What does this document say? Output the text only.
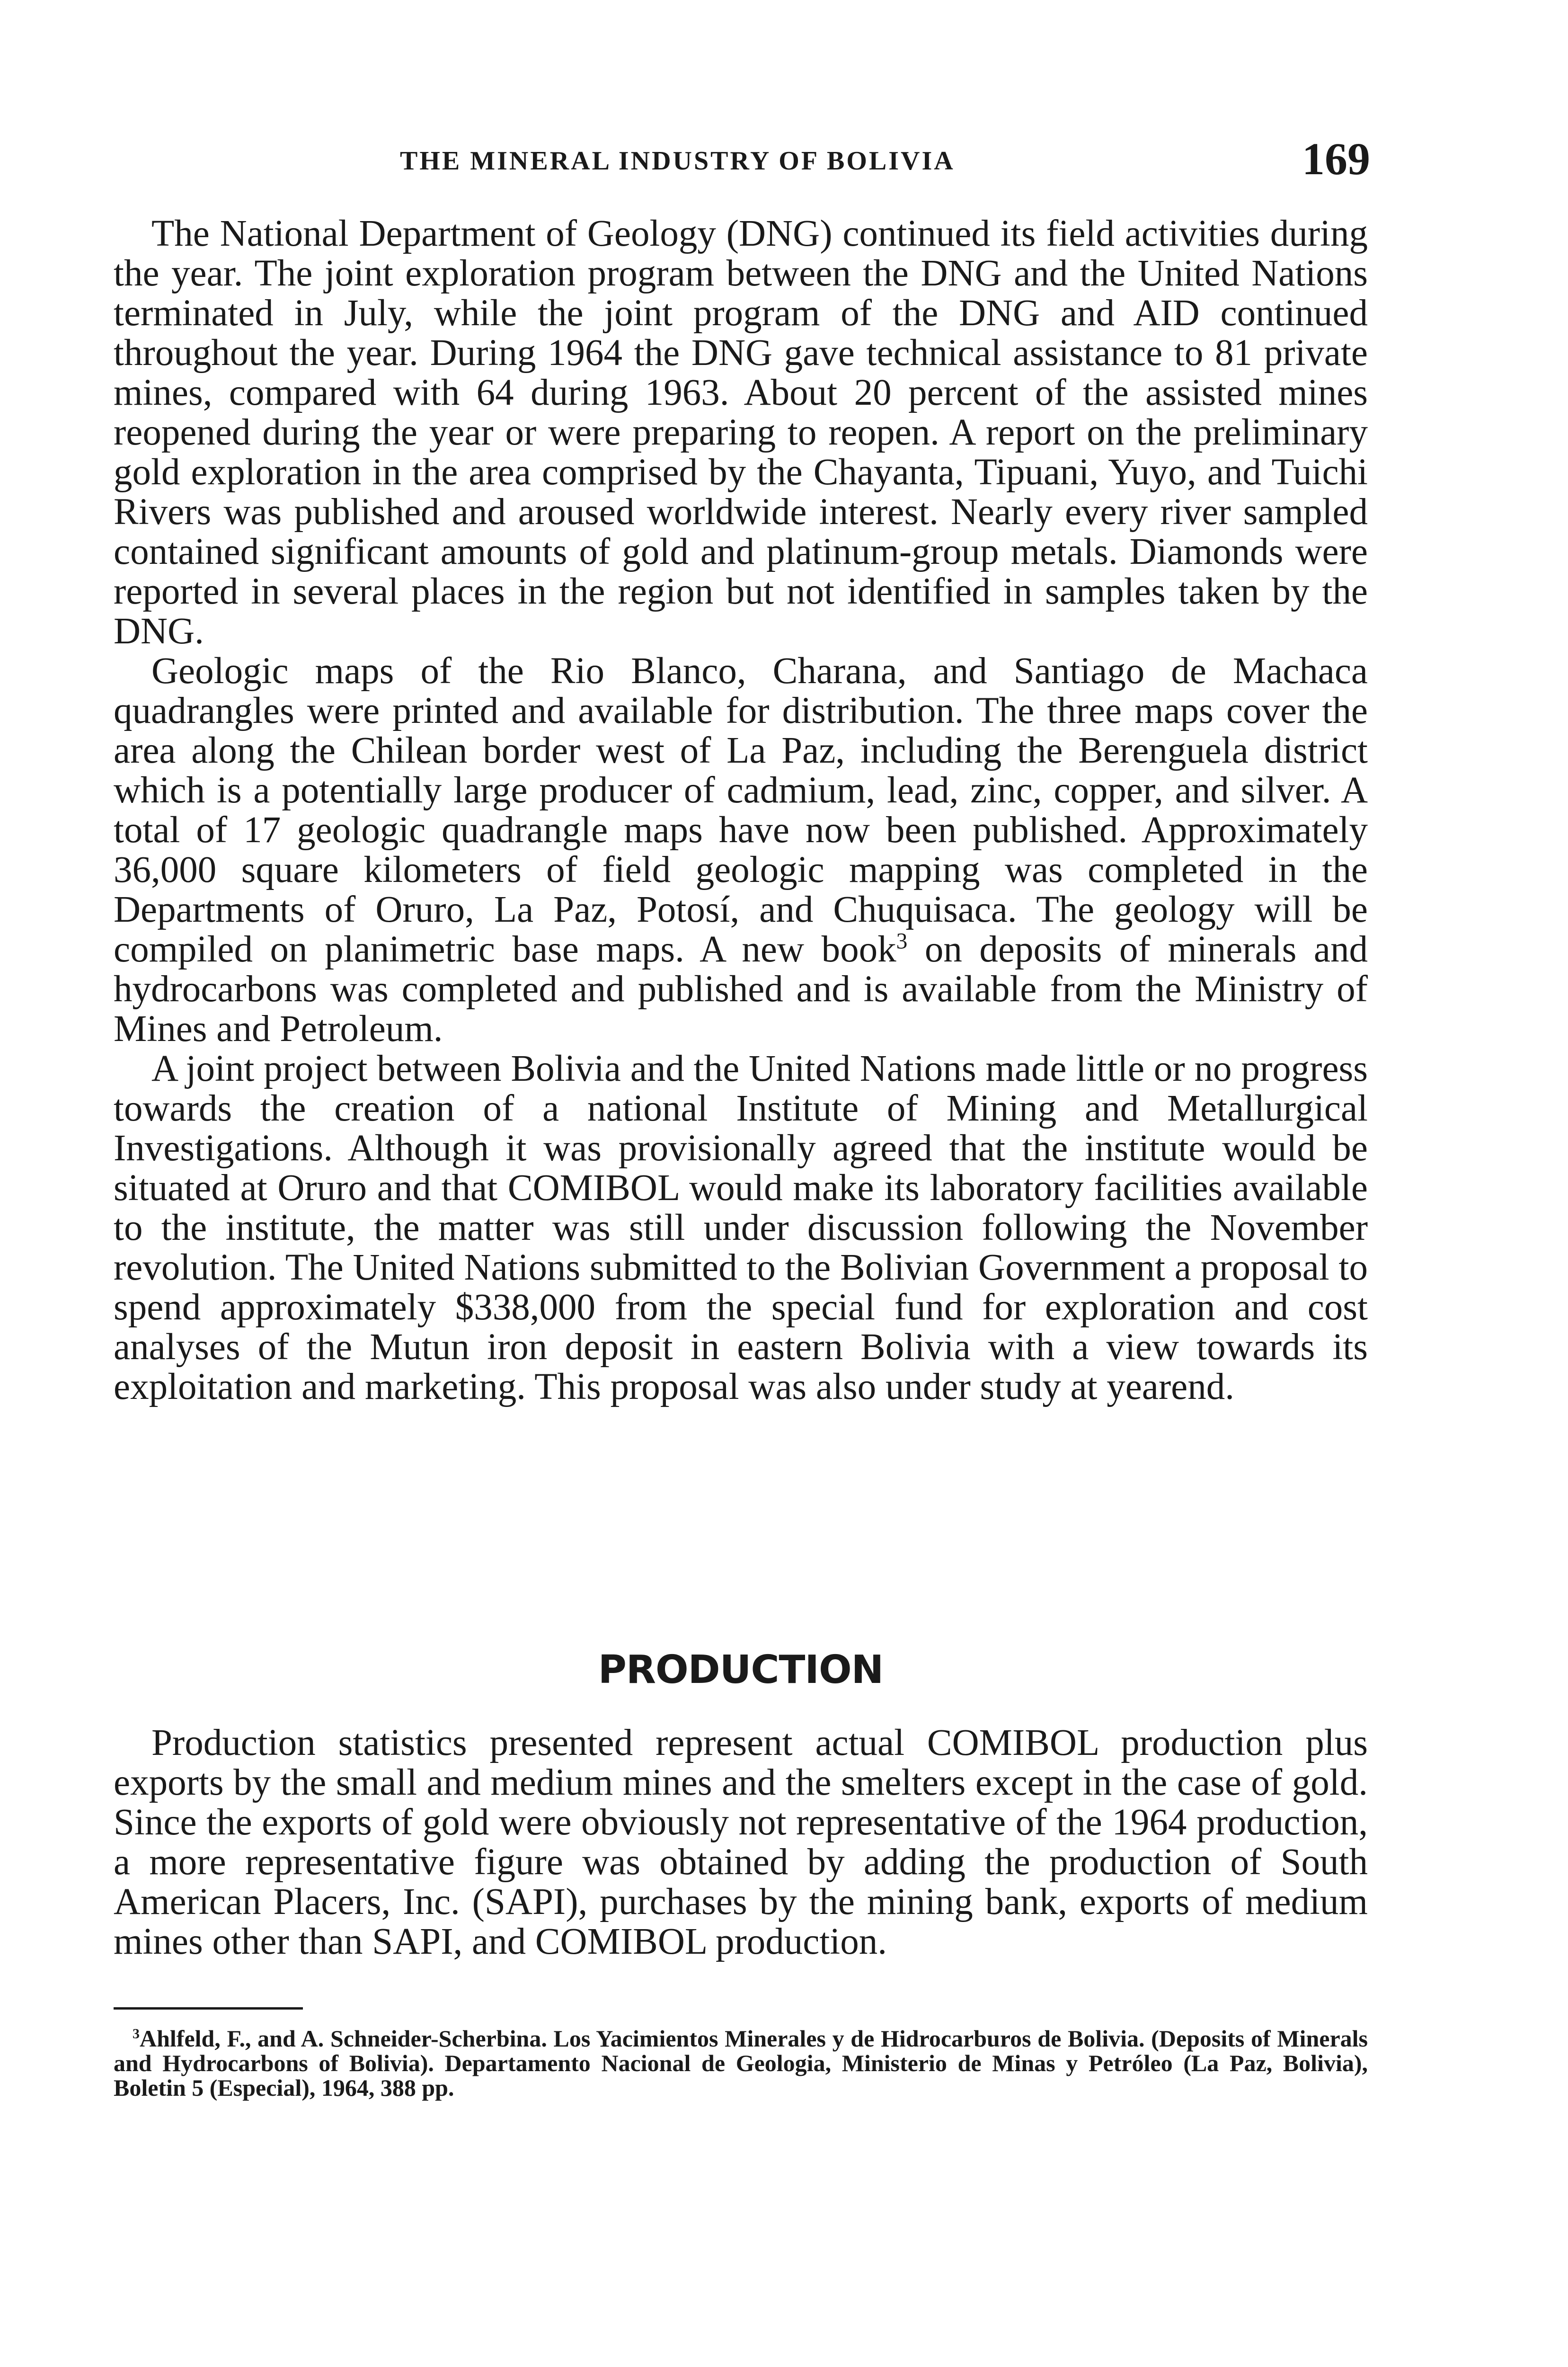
THE MINERAL INDUSTRY OF BOLIVIA	169

The National Department of Geology (DNG) continued its field activities during the year. The joint exploration program between the DNG and the United Nations terminated in July, while the joint program of the DNG and AID continued throughout the year. During 1964 the DNG gave technical assistance to 81 private mines, compared with 64 during 1963. About 20 percent of the assisted mines reopened during the year or were preparing to reopen. A report on the preliminary gold exploration in the area comprised by the Chayanta, Tipuani, Yuyo, and Tuichi Rivers was published and aroused worldwide interest. Nearly every river sampled contained significant amounts of gold and platinum-group metals. Diamonds were reported in several places in the region but not identified in samples taken by the DNG.

Geologic maps of the Rio Blanco, Charana, and Santiago de Machaca quadrangles were printed and available for distribution. The three maps cover the area along the Chilean border west of La Paz, including the Berenguela district which is a potentially large producer of cadmium, lead, zinc, copper, and silver. A total of 17 geologic quadrangle maps have now been published. Approximately 36,000 square kilometers of field geologic mapping was completed in the Departments of Oruro, La Paz, Potosí, and Chuquisaca. The geology will be compiled on planimetric base maps. A new book$^3$ on deposits of minerals and hydrocarbons was completed and published and is available from the Ministry of Mines and Petroleum.

A joint project between Bolivia and the United Nations made little or no progress towards the creation of a national Institute of Mining and Metallurgical Investigations. Although it was provisionally agreed that the institute would be situated at Oruro and that COMIBOL would make its laboratory facilities available to the institute, the matter was still under discussion following the November revolution. The United Nations submitted to the Bolivian Government a proposal to spend approximately $338,000 from the special fund for exploration and cost analyses of the Mutun iron deposit in eastern Bolivia with a view towards its exploitation and marketing. This proposal was also under study at yearend.

PRODUCTION

Production statistics presented represent actual COMIBOL production plus exports by the small and medium mines and the smelters except in the case of gold. Since the exports of gold were obviously not representative of the 1964 production, a more representative figure was obtained by adding the production of South American Placers, Inc. (SAPI), purchases by the mining bank, exports of medium mines other than SAPI, and COMIBOL production.

$^3$Ahlfeld, F., and A. Schneider-Scherbina. Los Yacimientos Minerales y de Hidrocarburos de Bolivia. (Deposits of Minerals and Hydrocarbons of Bolivia). Departamento Nacional de Geologia, Ministerio de Minas y Petróleo (La Paz, Bolivia), Boletin 5 (Especial), 1964, 388 pp.
